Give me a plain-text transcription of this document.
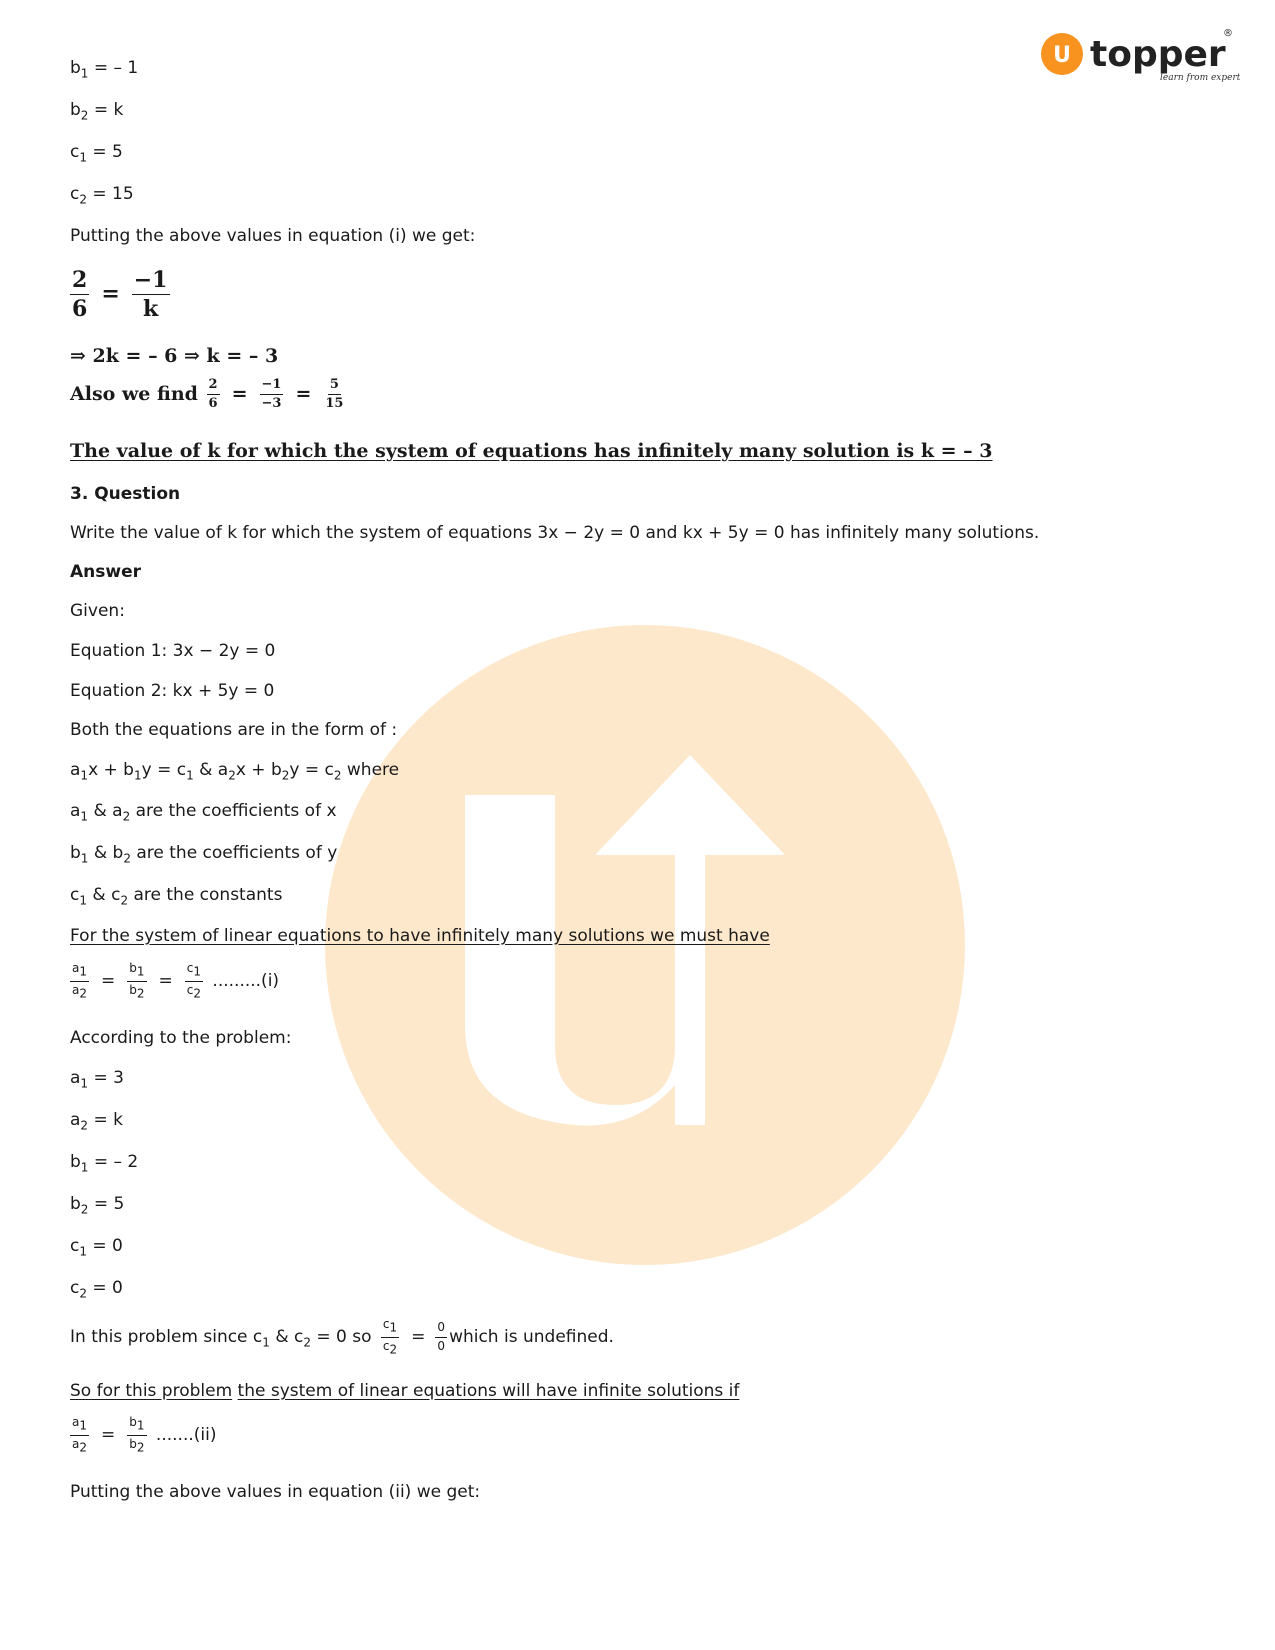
U topper
®
learn from experts
$b_1$ = – 1
$b_2 = k$
$c_1 = 5$
$c_2 = 15$
Putting the above values in equation (i) we get:
$\frac{2}{6} = \frac{-1}{k}$
⇒ 2k = – 6 ⇒ k = – 3
Also we find $\frac{2}{6} = \frac{-1}{-3} = \frac{5}{15}$
The value of k for which the system of equations has infinitely many solution is k = – 3
3. Question
Write the value of k for which the system of equations 3x − 2y = 0 and kx + 5y = 0 has infinitely many solutions.
Answer
Given:
Equation 1: 3x − 2y = 0
Equation 2: kx + 5y = 0
Both the equations are in the form of :
$a_1x + b_1y = c_1$ & $a_2x + b_2y = c_2$ where
$a_1$ & $a_2$ are the coefficients of x
$b_1$ & $b_2$ are the coefficients of y
$c_1$ & $c_2$ are the constants
For the system of linear equations to have infinitely many solutions we must have
$\frac{a_1}{a_2} = \frac{b_1}{b_2} = \frac{c_1}{c_2} .........(i)$
According to the problem:
$a_1 = 3$
$a_2 = k$
$b_1$ = – 2
$b_2 = 5$
$c_1 = 0$
$c_2 = 0$
In this problem since $c_1$ & $c_2 = 0$ so $\frac{c_1}{c_2} = \frac{0}{0}$ which is undefined.
So for this problem the system of linear equations will have infinite solutions if
$\frac{a_1}{a_2} = \frac{b_1}{b_2} .......(ii)$
Putting the above values in equation (ii) we get:
